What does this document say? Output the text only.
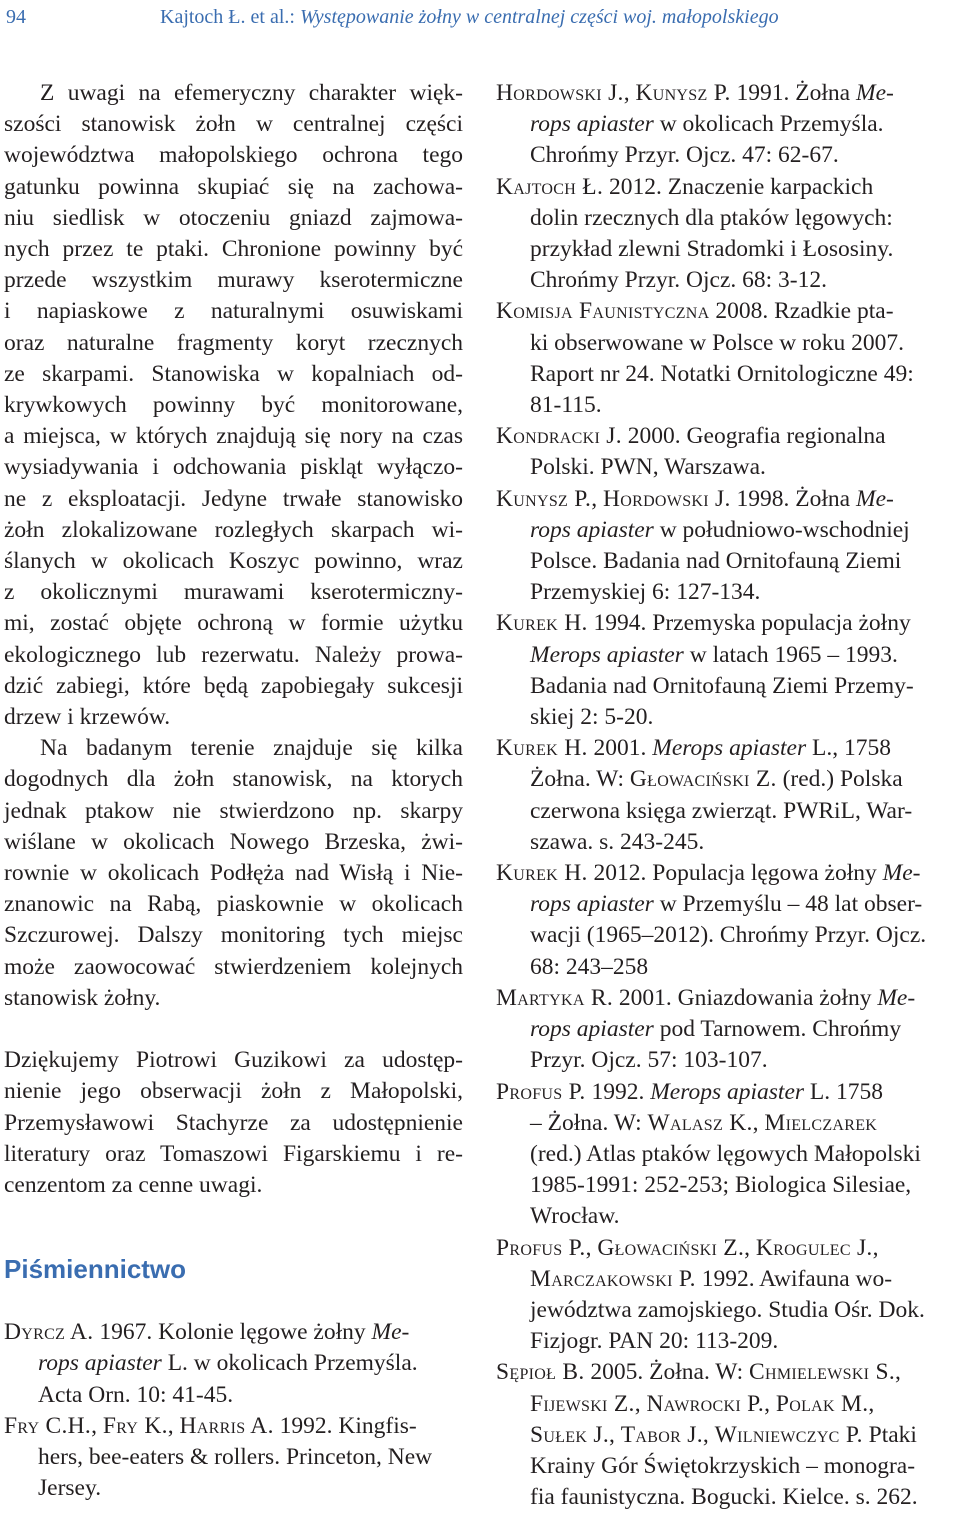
94	Kajtoch Ł. et al.: Występowanie żołny w centralnej części woj. małopolskiego
Z uwagi na efemeryczny charakter więk-
szości stanowisk żołn w centralnej części
województwa małopolskiego ochrona tego
gatunku powinna skupiać się na zachowa-
niu siedlisk w otoczeniu gniazd zajmowa-
nych przez te ptaki. Chronione powinny być
przede wszystkim murawy kserotermiczne
i napiaskowe z naturalnymi osuwiskami
oraz naturalne fragmenty koryt rzecznych
ze skarpami. Stanowiska w kopalniach od-
krywkowych powinny być monitorowane,
a miejsca, w których znajdują się nory na czas
wysiadywania i odchowania piskląt wyłączo-
ne z eksploatacji. Jedyne trwałe stanowisko
żołn zlokalizowane rozległych skarpach wi-
ślanych w okolicach Koszyc powinno, wraz
z okolicznymi murawami kserotermiczny-
mi, zostać objęte ochroną w formie użytku
ekologicznego lub rezerwatu. Należy prowa-
dzić zabiegi, które będą zapobiegały sukcesji
drzew i krzewów.
Na badanym terenie znajduje się kilka
dogodnych dla żołn stanowisk, na ktorych
jednak ptakow nie stwierdzono np. skarpy
wiślane w okolicach Nowego Brzeska, żwi-
rownie w okolicach Podłęża nad Wisłą i Nie-
znanowic na Rabą, piaskownie w okolicach
Szczurowej. Dalszy monitoring tych miejsc
może zaowocować stwierdzeniem kolejnych
stanowisk żołny.
Dziękujemy Piotrowi Guzikowi za udostęp-
nienie jego obserwacji żołn z Małopolski,
Przemysławowi Stachyrze za udostępnienie
literatury oraz Tomaszowi Figarskiemu i re-
cenzentom za cenne uwagi.
Piśmiennictwo
Dyrcz A. 1967. Kolonie lęgowe żołny Me-
rops apiaster L. w okolicach Przemyśla.
Acta Orn. 10: 41-45.
Fry C.H., Fry K., Harris A. 1992. Kingfis-
hers, bee-eaters & rollers. Princeton, New
Jersey.
Hordowski J., Kunysz P. 1991. Żołna Me-
rops apiaster w okolicach Przemyśla.
Chrońmy Przyr. Ojcz. 47: 62-67.
Kajtoch Ł. 2012. Znaczenie karpackich
dolin rzecznych dla ptaków lęgowych:
przykład zlewni Stradomki i Łososiny.
Chrońmy Przyr. Ojcz. 68: 3-12.
Komisja Faunistyczna 2008. Rzadkie pta-
ki obserwowane w Polsce w roku 2007.
Raport nr 24. Notatki Ornitologiczne 49:
81-115.
Kondracki J. 2000. Geografia regionalna
Polski. PWN, Warszawa.
Kunysz P., Hordowski J. 1998. Żołna Me-
rops apiaster w południowo-wschodniej
Polsce. Badania nad Ornitofauną Ziemi
Przemyskiej 6: 127-134.
Kurek H. 1994. Przemyska populacja żołny
Merops apiaster w latach 1965 – 1993.
Badania nad Ornitofauną Ziemi Przemy-
skiej 2: 5-20.
Kurek H. 2001. Merops apiaster L., 1758
Żołna. W: Głowaciński Z. (red.) Polska
czerwona księga zwierząt. PWRiL, War-
szawa. s. 243-245.
Kurek H. 2012. Populacja lęgowa żołny Me-
rops apiaster w Przemyślu – 48 lat obser-
wacji (1965–2012). Chrońmy Przyr. Ojcz.
68: 243–258
Martyka R. 2001. Gniazdowania żołny Me-
rops apiaster pod Tarnowem. Chrońmy
Przyr. Ojcz. 57: 103-107.
Profus P. 1992. Merops apiaster L. 1758
– Żołna. W: Walasz K., Mielczarek
(red.) Atlas ptaków lęgowych Małopolski
1985-1991: 252-253; Biologica Silesiae,
Wrocław.
Profus P., Głowaciński Z., Krogulec J.,
Marczakowski P. 1992. Awifauna wo-
jewództwa zamojskiego. Studia Ośr. Dok.
Fizjogr. PAN 20: 113-209.
Sępioł B. 2005. Żołna. W: Chmielewski S.,
Fijewski Z., Nawrocki P., Polak M.,
Sułek J., Tabor J., Wilniewczyc P. Ptaki
Krainy Gór Świętokrzyskich – monogra-
fia faunistyczna. Bogucki. Kielce. s. 262.
